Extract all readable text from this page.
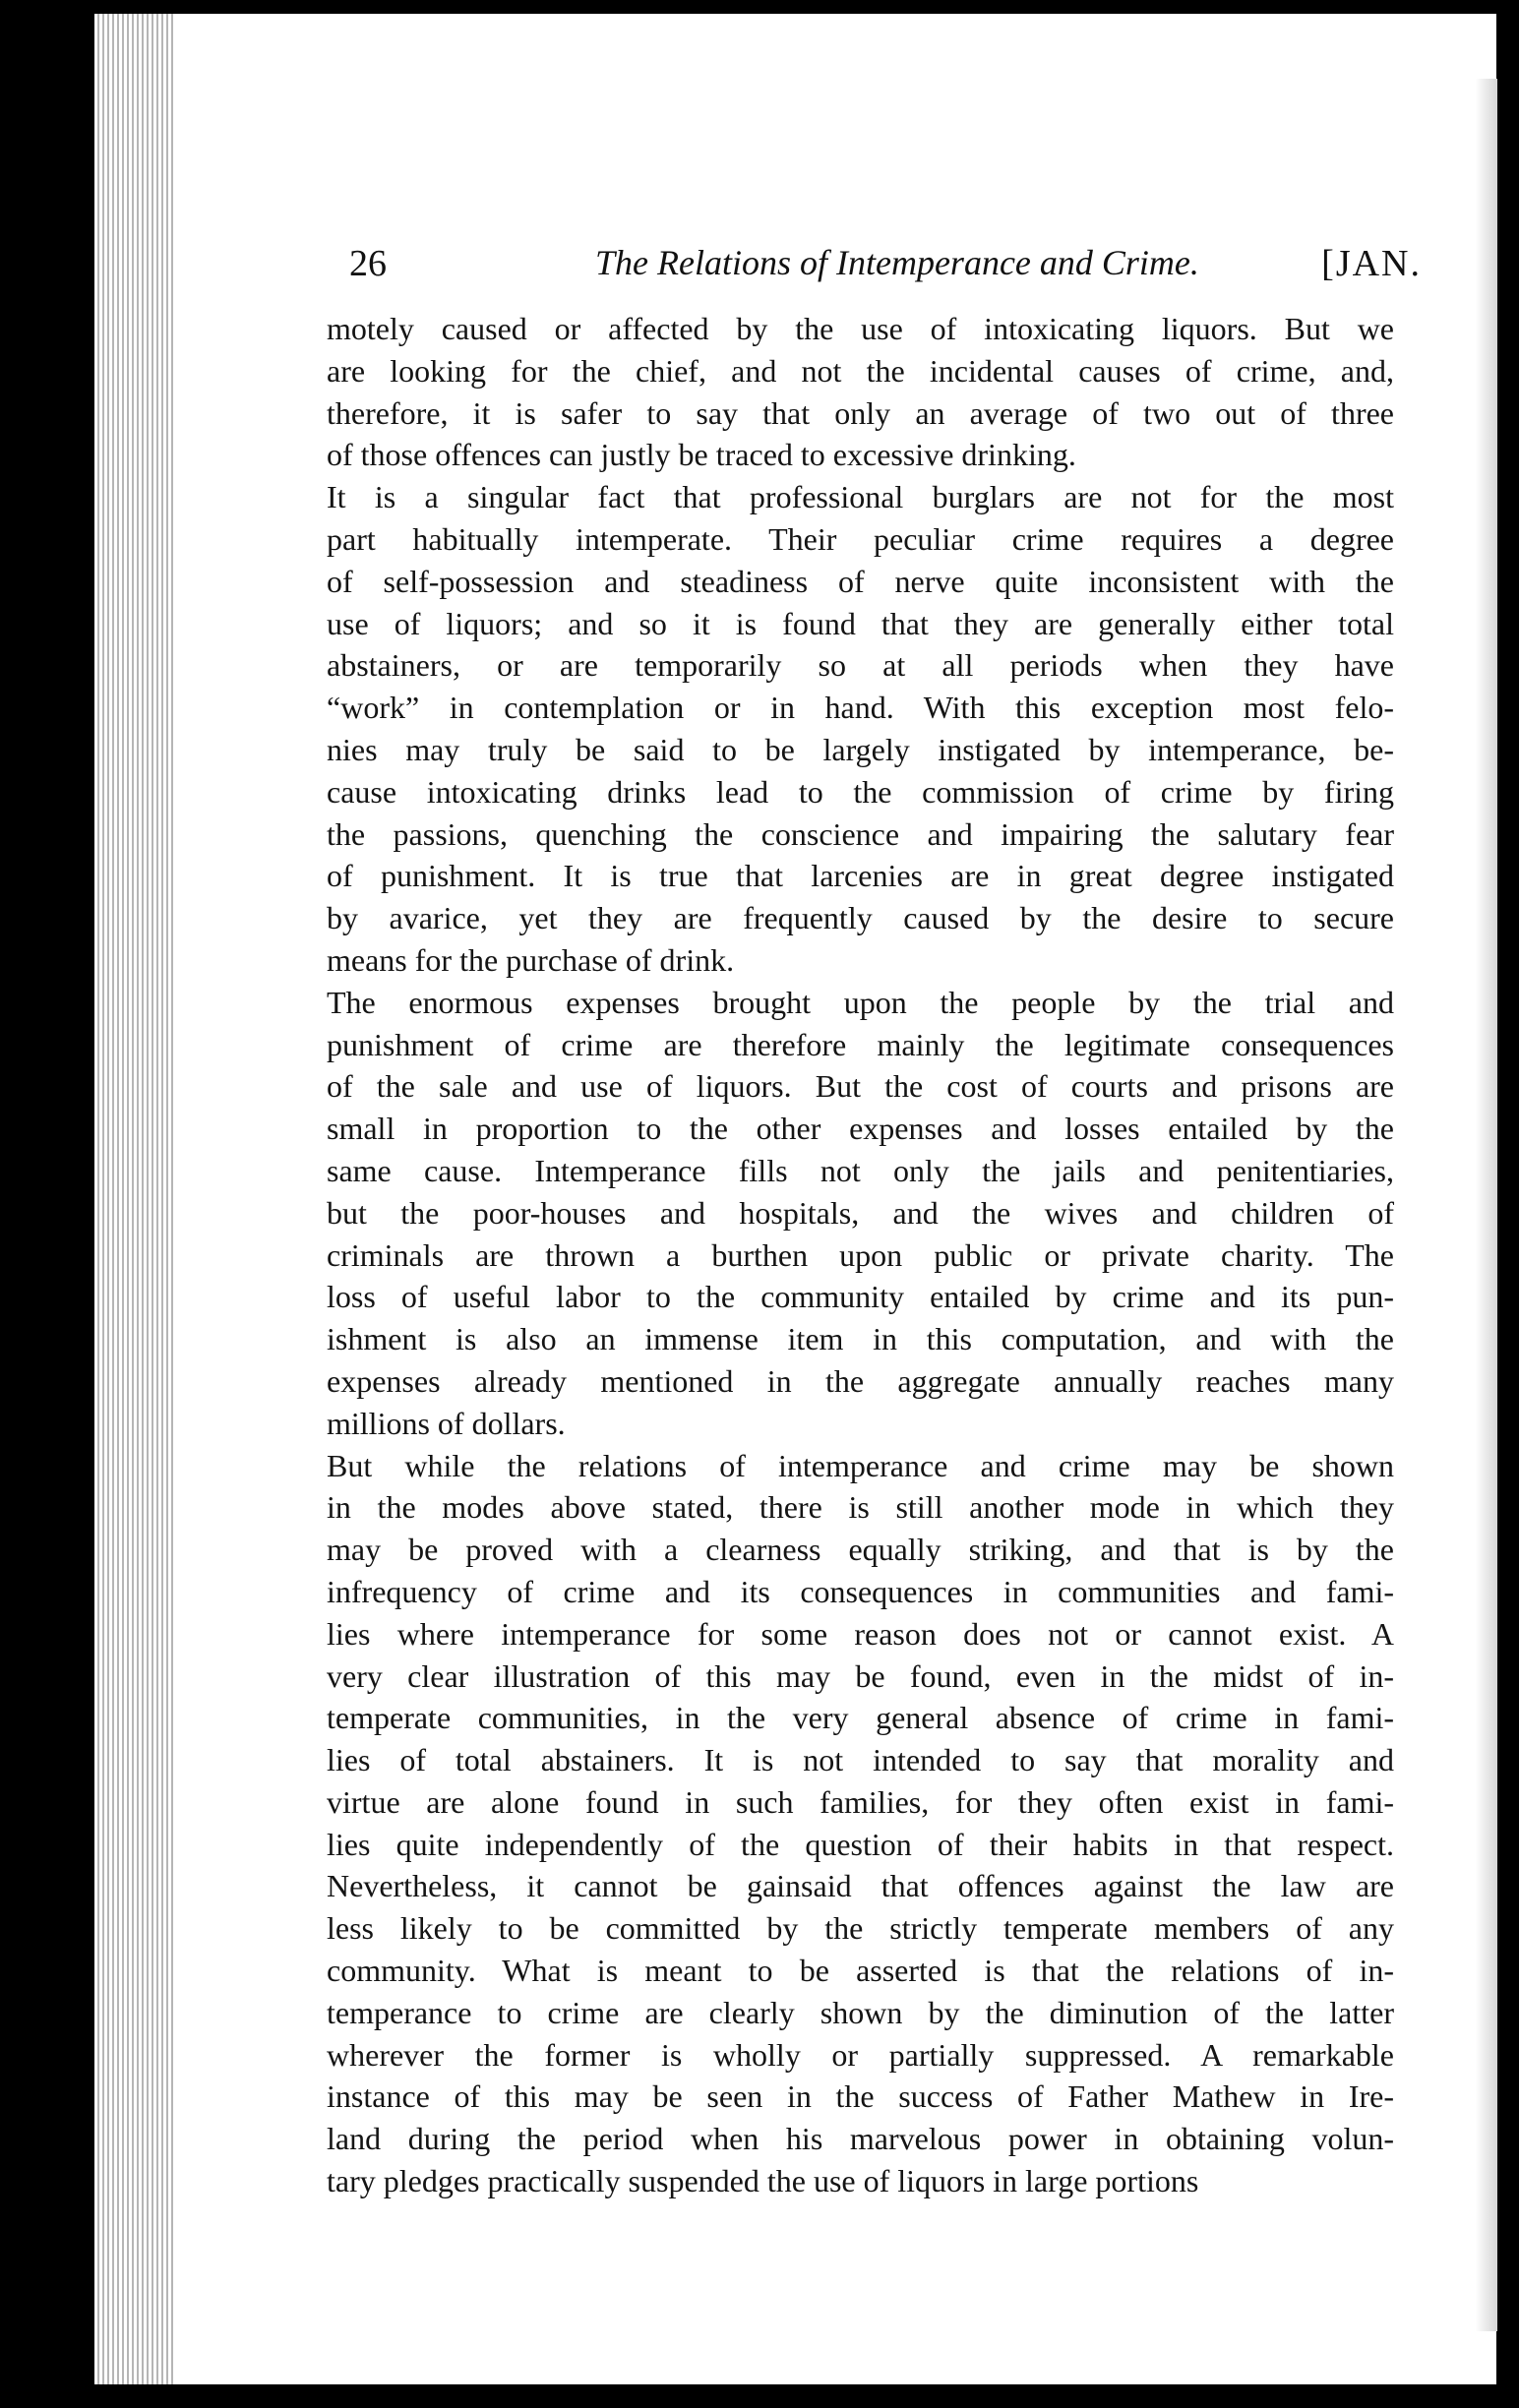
26	The Relations of Intemperance and Crime.	[JAN.
motely caused or affected by the use of intoxicating liquors. But we
are looking for the chief, and not the incidental causes of crime, and,
therefore, it is safer to say that only an average of two out of three
of those offences can justly be traced to excessive drinking.
It is a singular fact that professional burglars are not for the most
part habitually intemperate. Their peculiar crime requires a degree
of self-possession and steadiness of nerve quite inconsistent with the
use of liquors; and so it is found that they are generally either total
abstainers, or are temporarily so at all periods when they have
“work” in contemplation or in hand. With this exception most felo-
nies may truly be said to be largely instigated by intemperance, be-
cause intoxicating drinks lead to the commission of crime by firing
the passions, quenching the conscience and impairing the salutary fear
of punishment. It is true that larcenies are in great degree instigated
by avarice, yet they are frequently caused by the desire to secure
means for the purchase of drink.
The enormous expenses brought upon the people by the trial and
punishment of crime are therefore mainly the legitimate consequences
of the sale and use of liquors. But the cost of courts and prisons are
small in proportion to the other expenses and losses entailed by the
same cause. Intemperance fills not only the jails and penitentiaries,
but the poor-houses and hospitals, and the wives and children of
criminals are thrown a burthen upon public or private charity. The
loss of useful labor to the community entailed by crime and its pun-
ishment is also an immense item in this computation, and with the
expenses already mentioned in the aggregate annually reaches many
millions of dollars.
But while the relations of intemperance and crime may be shown
in the modes above stated, there is still another mode in which they
may be proved with a clearness equally striking, and that is by the
infrequency of crime and its consequences in communities and fami-
lies where intemperance for some reason does not or cannot exist. A
very clear illustration of this may be found, even in the midst of in-
temperate communities, in the very general absence of crime in fami-
lies of total abstainers. It is not intended to say that morality and
virtue are alone found in such families, for they often exist in fami-
lies quite independently of the question of their habits in that respect.
Nevertheless, it cannot be gainsaid that offences against the law are
less likely to be committed by the strictly temperate members of any
community. What is meant to be asserted is that the relations of in-
temperance to crime are clearly shown by the diminution of the latter
wherever the former is wholly or partially suppressed. A remarkable
instance of this may be seen in the success of Father Mathew in Ire-
land during the period when his marvelous power in obtaining volun-
tary pledges practically suspended the use of liquors in large portions
